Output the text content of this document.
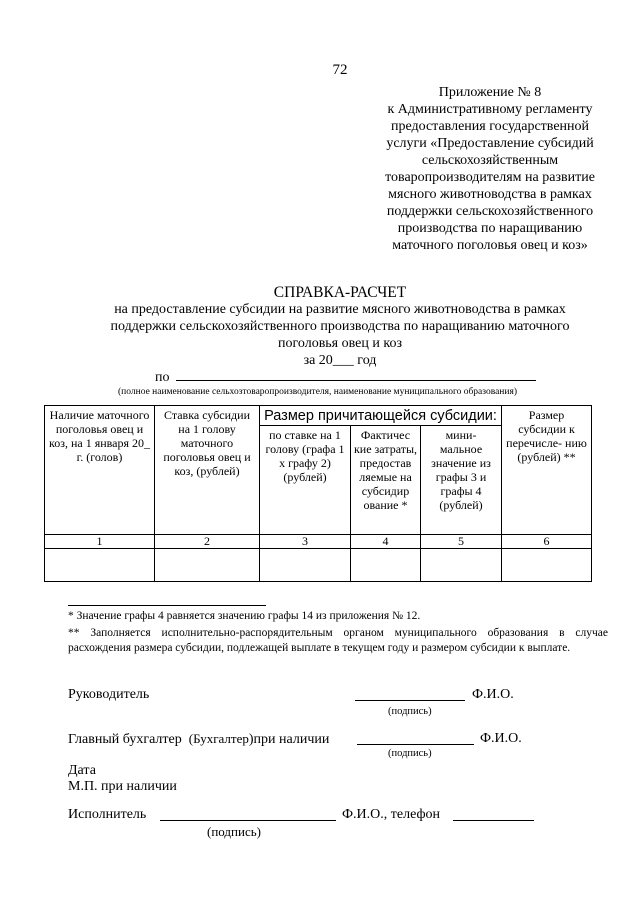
72
Приложение № 8
к Административному регламенту
предоставления государственной
услуги «Предоставление субсидий
сельскохозяйственным
товаропроизводителям на развитие
мясного животноводства в рамках
поддержки сельскохозяйственного
производства по наращиванию
маточного поголовья овец и коз»
СПРАВКА-РАСЧЕТ
на предоставление субсидии на развитие мясного животноводства в рамках
поддержки сельскохозяйственного производства по наращиванию маточного
поголовья овец и коз
за 20___ год
по
(полное наименование сельхозтоваропроизводителя, наименование муниципального образования)
Наличие маточного поголовья овец и коз, на 1 января 20_ г. (голов)	Ставка субсидии на 1 голову маточного поголовья овец и коз, (рублей)	Размер причитающейся субсидии:			Размер субсидии к перечисле- нию (рублей) **
		по ставке на 1 голову (графа 1 х графу 2) (рублей)	Фактичес кие затраты, предостав ляемые на субсидир ование *	мини- мальное значение из графы 3 и графы 4 (рублей)	
1	2	3	4	5	6

* Значение графы 4 равняется значению графы 14 из приложения № 12.
** Заполняется исполнительно-распорядительным органом муниципального образования в случае расхождения размера субсидии, подлежащей выплате в текущем году и размером субсидии к выплате.
Руководитель	Ф.И.О.
(подпись)
Главный бухгалтер (Бухгалтер)при наличии	Ф.И.О.
(подпись)
Дата
М.П. при наличии
Исполнитель	Ф.И.О., телефон
(подпись)
